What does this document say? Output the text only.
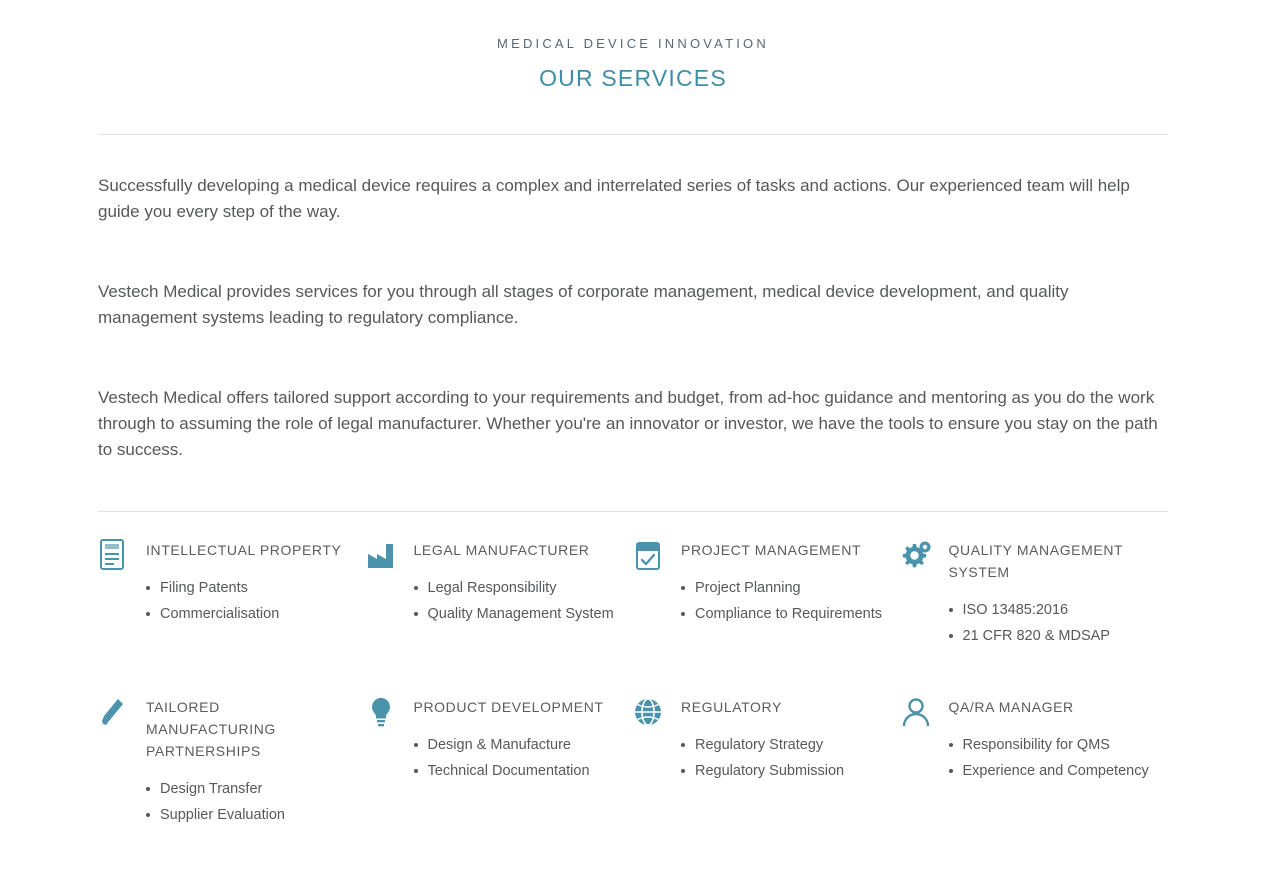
MEDICAL DEVICE INNOVATION
OUR SERVICES

Successfully developing a medical device requires a complex and interrelated series of tasks and actions. Our experienced team will help guide you every step of the way.

Vestech Medical provides services for you through all stages of corporate management, medical device development, and quality management systems leading to regulatory compliance.

Vestech Medical offers tailored support according to your requirements and budget, from ad-hoc guidance and mentoring as you do the work through to assuming the role of legal manufacturer. Whether you're an innovator or investor, we have the tools to ensure you stay on the path to success.

INTELLECTUAL PROPERTY
Filing Patents
Commercialisation
LEGAL MANUFACTURER
Legal Responsibility
Quality Management System
PROJECT MANAGEMENT
Project Planning
Compliance to Requirements
QUALITY MANAGEMENT SYSTEM
ISO 13485:2016
21 CFR 820 & MDSAP
TAILORED MANUFACTURING PARTNERSHIPS
Design Transfer
Supplier Evaluation
PRODUCT DEVELOPMENT
Design & Manufacture
Technical Documentation
REGULATORY
Regulatory Strategy
Regulatory Submission
QA/RA MANAGER
Responsibility for QMS
Experience and Competency
